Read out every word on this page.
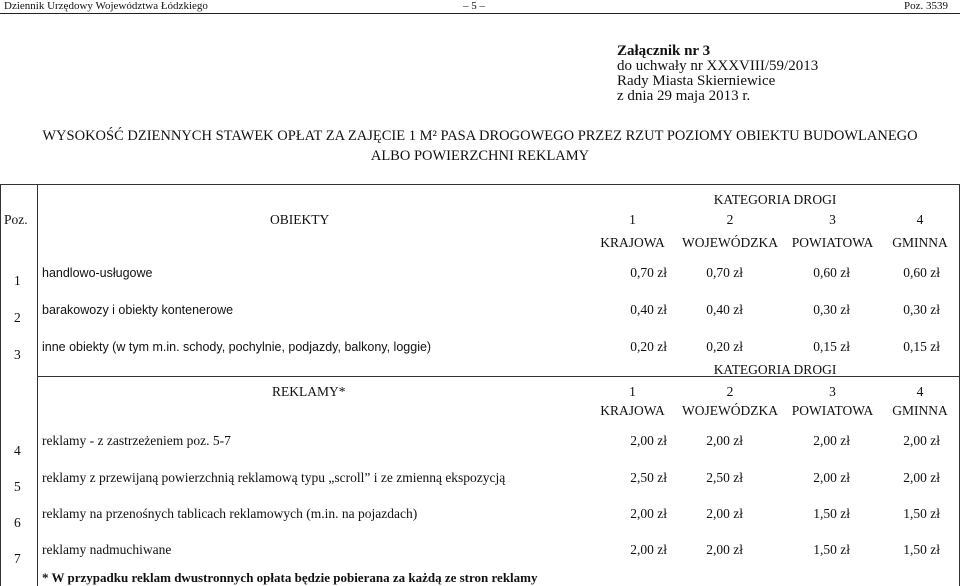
Dziennik Urzędowy Województwa Łódzkiego	– 5 –	Poz. 3539
Załącznik nr 3
do uchwały nr XXXVIII/59/2013
Rady Miasta Skierniewice
z dnia 29 maja 2013 r.
WYSOKOŚĆ DZIENNYCH STAWEK OPŁAT ZA ZAJĘCIE 1 M² PASA DROGOWEGO PRZEZ RZUT POZIOMY OBIEKTU BUDOWLANEGO
ALBO POWIERZCHNI REKLAMY
Poz.	OBIEKTY
KATEGORIA DROGI
1	2	3	4
KRAJOWA	WOJEWÓDZKA	POWIATOWA	GMINNA
1 handlowo-usługowe	0,70 zł	0,70 zł	0,60 zł	0,60 zł
2 barakowozy i obiekty kontenerowe	0,40 zł	0,40 zł	0,30 zł	0,30 zł
3 inne obiekty (w tym m.in. schody, pochylnie, podjazdy, balkony, loggie)	0,20 zł	0,20 zł	0,15 zł	0,15 zł
REKLAMY*
KATEGORIA DROGI
1	2	3	4
KRAJOWA	WOJEWÓDZKA	POWIATOWA	GMINNA
4
reklamy - z zastrzeżeniem poz. 5-7	2,00 zł	2,00 zł	2,00 zł	2,00 zł
5
reklamy z przewijaną powierzchnią reklamową typu „scroll” i ze zmienną ekspozycją	2,50 zł	2,50 zł	2,00 zł	2,00 zł
6
reklamy na przenośnych tablicach reklamowych (m.in. na pojazdach)	2,00 zł	2,00 zł	1,50 zł	1,50 zł
7
reklamy nadmuchiwane	2,00 zł	2,00 zł	1,50 zł	1,50 zł
* W przypadku reklam dwustronnych opłata będzie pobierana za każdą ze stron reklamy
